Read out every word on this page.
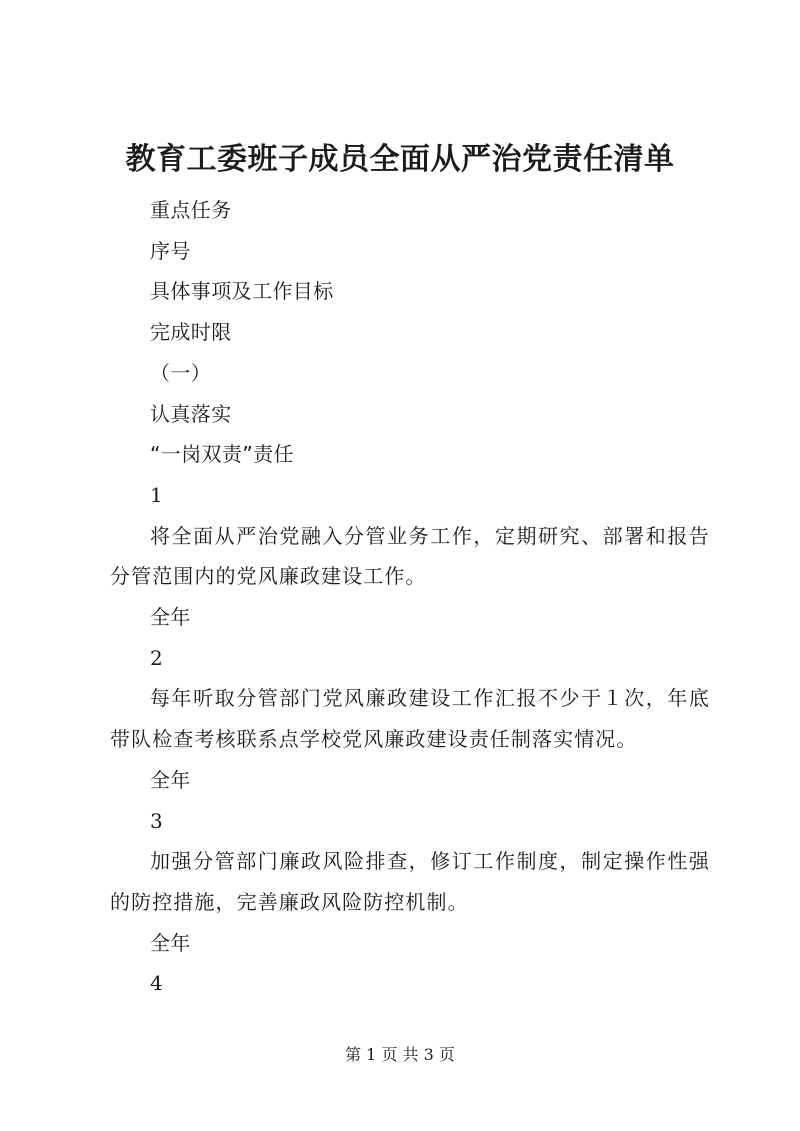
教育工委班子成员全面从严治党责任清单

重点任务

序号

具体事项及工作目标

完成时限

（一）

认真落实

“一岗双责”责任

1

将全面从严治党融入分管业务工作，定期研究、部署和报告分管范围内的党风廉政建设工作。

全年

2

每年听取分管部门党风廉政建设工作汇报不少于１次，年底带队检查考核联系点学校党风廉政建设责任制落实情况。

全年

3

加强分管部门廉政风险排查，修订工作制度，制定操作性强的防控措施，完善廉政风险防控机制。

全年

4

第 1 页 共 3 页
